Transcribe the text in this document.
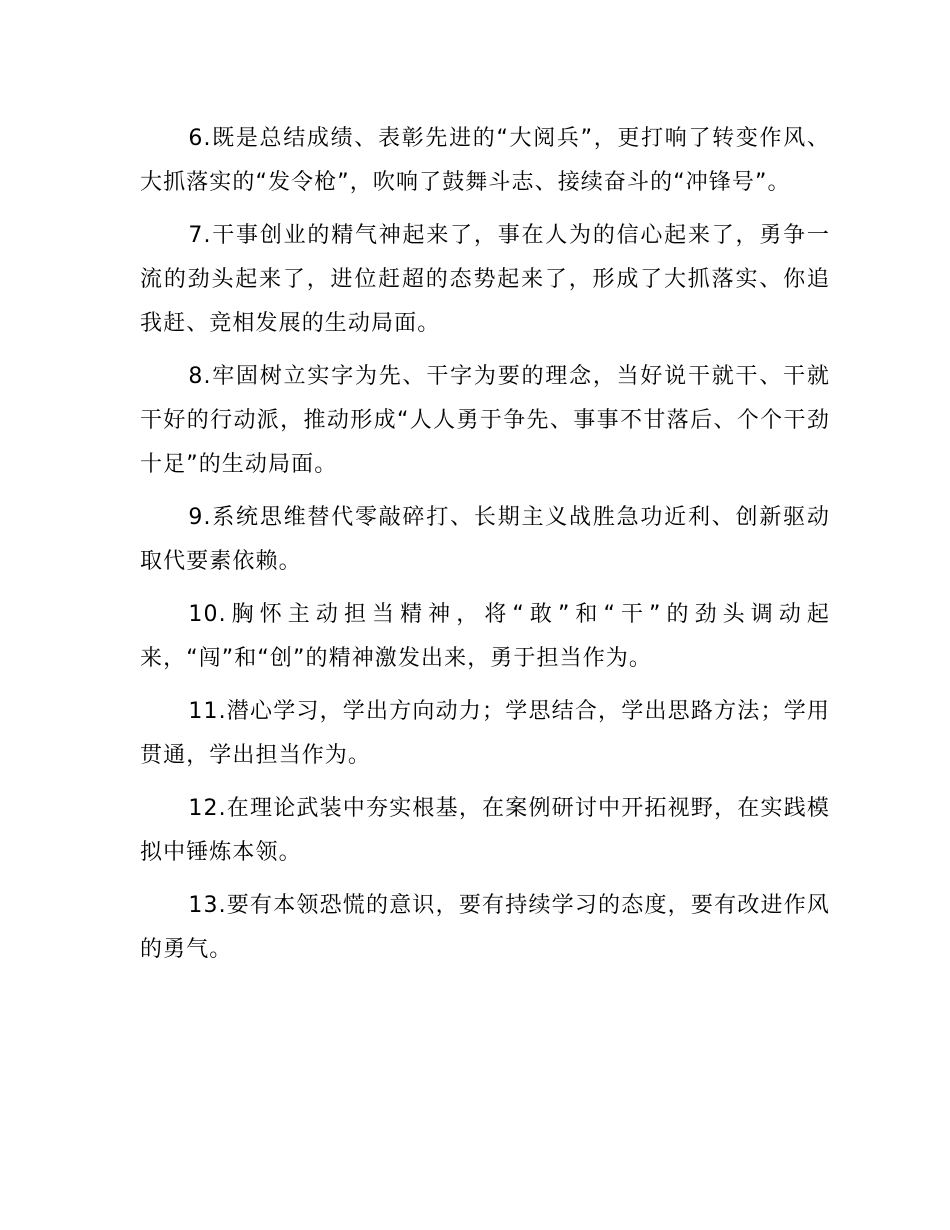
6.既是总结成绩、表彰先进的“大阅兵”，更打响了转变作风、大抓落实的“发令枪”，吹响了鼓舞斗志、接续奋斗的“冲锋号”。

7.干事创业的精气神起来了，事在人为的信心起来了，勇争一流的劲头起来了，进位赶超的态势起来了，形成了大抓落实、你追我赶、竞相发展的生动局面。

8.牢固树立实字为先、干字为要的理念，当好说干就干、干就干好的行动派，推动形成“人人勇于争先、事事不甘落后、个个干劲十足”的生动局面。

9.系统思维替代零敲碎打、长期主义战胜急功近利、创新驱动取代要素依赖。

10.胸怀主动担当精神，将“敢”和“干”的劲头调动起来，“闯”和“创”的精神激发出来，勇于担当作为。

11.潜心学习，学出方向动力；学思结合，学出思路方法；学用贯通，学出担当作为。

12.在理论武装中夯实根基，在案例研讨中开拓视野，在实践模拟中锤炼本领。

13.要有本领恐慌的意识，要有持续学习的态度，要有改进作风的勇气。
